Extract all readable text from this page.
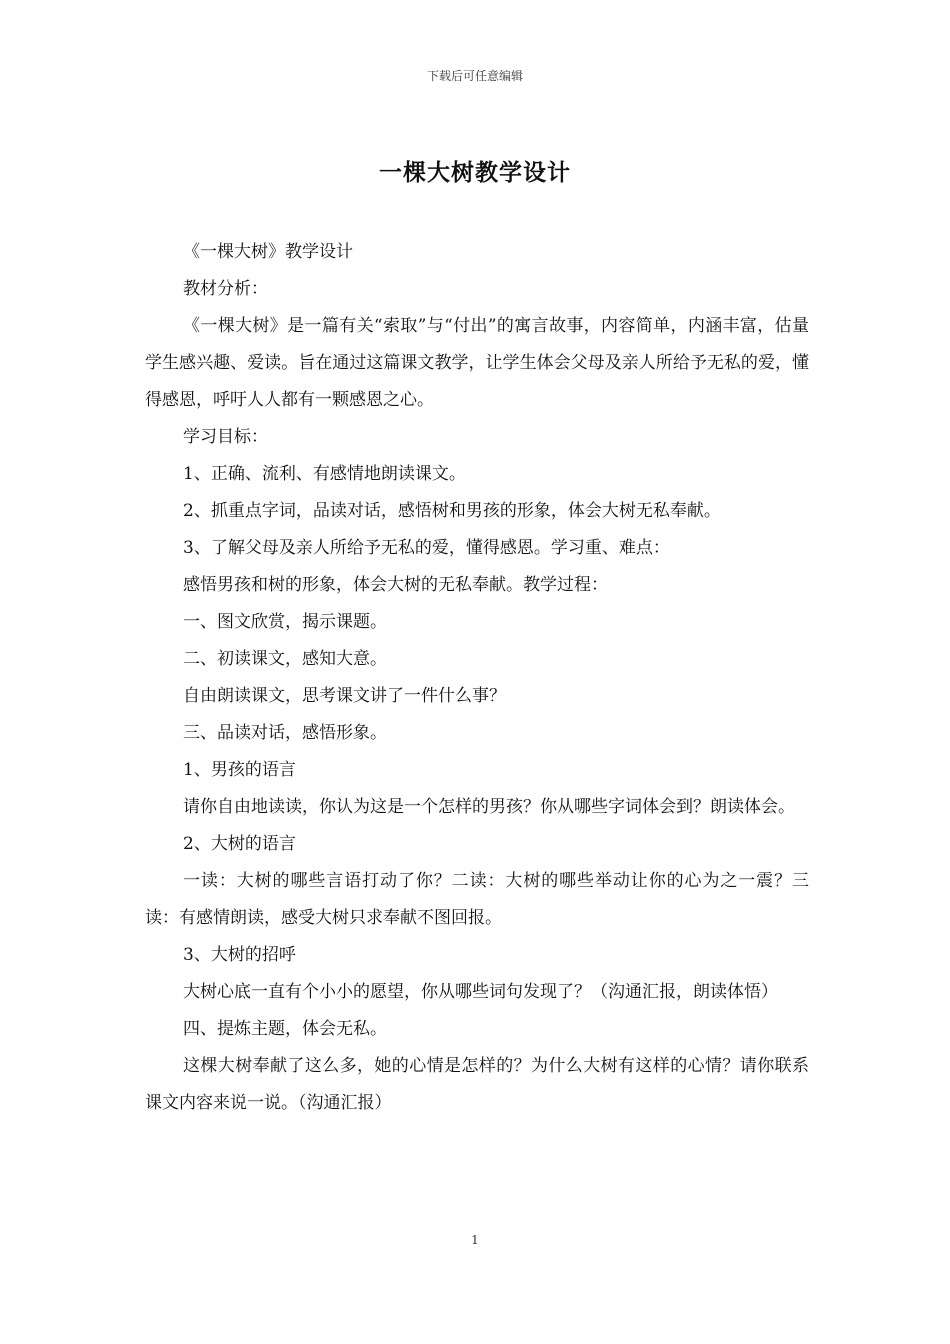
下载后可任意编辑
一棵大树教学设计

《一棵大树》教学设计

教材分析：

《一棵大树》是一篇有关“索取”与“付出”的寓言故事，内容简单，内涵丰富，估量学生感兴趣、爱读。旨在通过这篇课文教学，让学生体会父母及亲人所给予无私的爱，懂得感恩，呼吁人人都有一颗感恩之心。

学习目标：

1、正确、流利、有感情地朗读课文。

2、抓重点字词，品读对话，感悟树和男孩的形象，体会大树无私奉献。

3、了解父母及亲人所给予无私的爱，懂得感恩。学习重、难点：

感悟男孩和树的形象，体会大树的无私奉献。教学过程：

一、图文欣赏，揭示课题。

二、初读课文，感知大意。

自由朗读课文，思考课文讲了一件什么事？

三、品读对话，感悟形象。

1、男孩的语言

请你自由地读读，你认为这是一个怎样的男孩？你从哪些字词体会到？朗读体会。

2、大树的语言

一读：大树的哪些言语打动了你？二读：大树的哪些举动让你的心为之一震？三读：有感情朗读，感受大树只求奉献不图回报。

3、大树的招呼

大树心底一直有个小小的愿望，你从哪些词句发现了？（沟通汇报，朗读体悟）

四、提炼主题，体会无私。

这棵大树奉献了这么多，她的心情是怎样的？为什么大树有这样的心情？请你联系课文内容来说一说。（沟通汇报）

1
